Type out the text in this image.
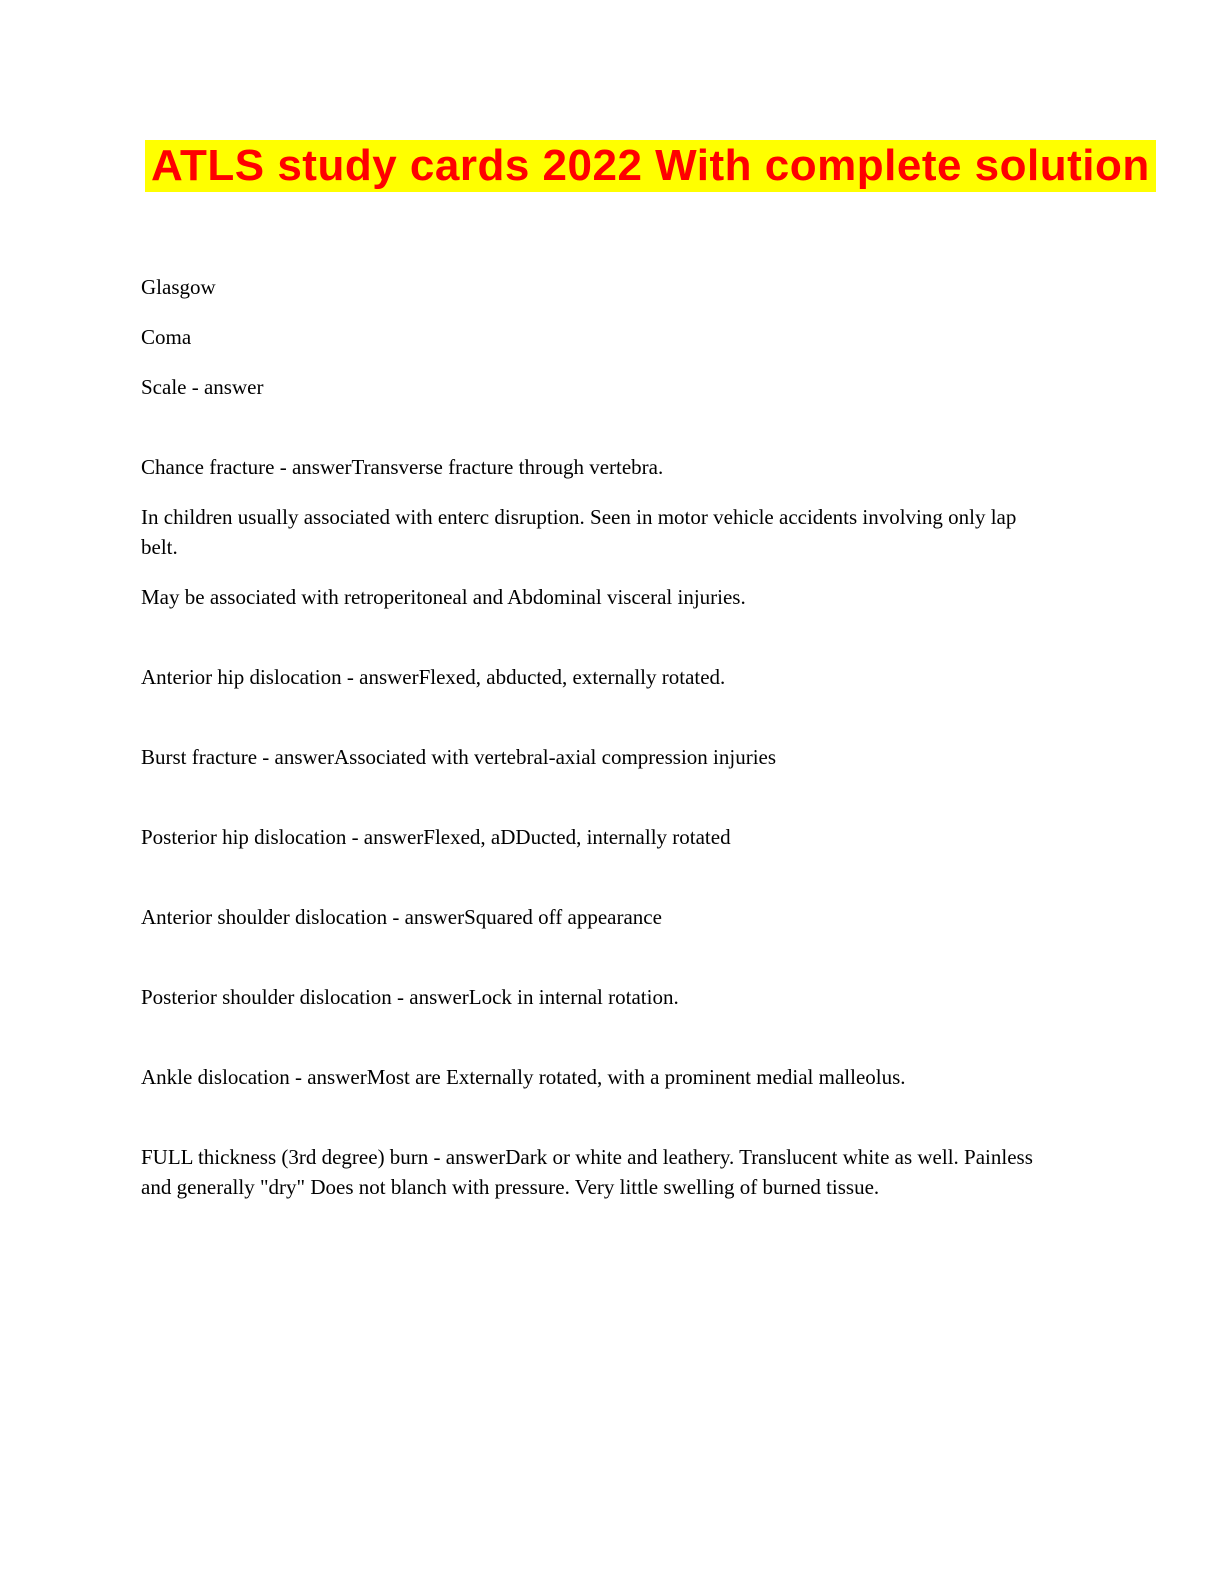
ATLS study cards 2022 With complete solution

Glasgow

Coma

Scale - answer

Chance fracture - answerTransverse fracture through vertebra.

In children usually associated with enterc disruption. Seen in motor vehicle accidents involving only lap belt.

May be associated with retroperitoneal and Abdominal visceral injuries.

Anterior hip dislocation - answerFlexed, abducted, externally rotated.

Burst fracture - answerAssociated with vertebral-axial compression injuries

Posterior hip dislocation - answerFlexed, aDDucted, internally rotated

Anterior shoulder dislocation - answerSquared off appearance

Posterior shoulder dislocation - answerLock in internal rotation.

Ankle dislocation - answerMost are Externally rotated, with a prominent medial malleolus.

FULL thickness (3rd degree) burn - answerDark or white and leathery. Translucent white as well. Painless and generally "dry" Does not blanch with pressure. Very little swelling of burned tissue.
